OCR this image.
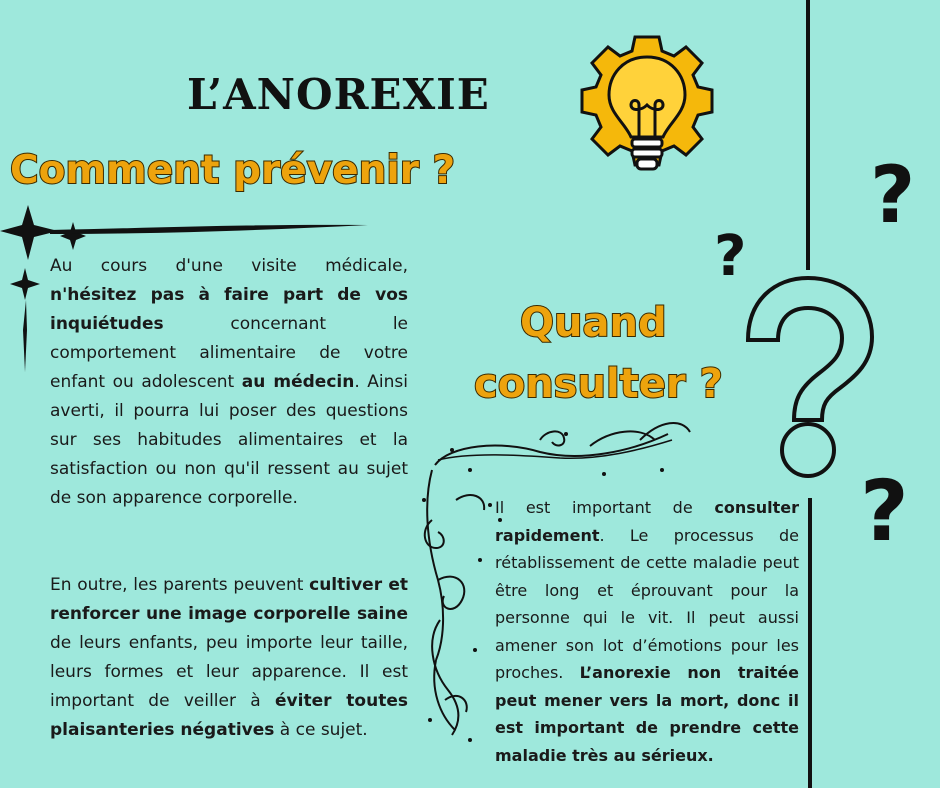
?
?
?
L’ANOREXIE
Comment prévenir ?
Au cours d'une visite médicale, n'hésitez pas à faire part de vos inquiétudes concernant le comportement alimentaire de votre enfant ou adolescent au médecin. Ainsi averti, il pourra lui poser des questions sur ses habitudes alimentaires et la satisfaction ou non qu'il ressent au sujet de son apparence corporelle.
En outre, les parents peuvent cultiver et renforcer une image corporelle saine de leurs enfants, peu importe leur taille, leurs formes et leur apparence. Il est important de veiller à éviter toutes plaisanteries négatives à ce sujet.
Quand
consulter ?
Il est important de consulter rapidement. Le processus de rétablissement de cette maladie peut être long et éprouvant pour la personne qui le vit. Il peut aussi amener son lot d’émotions pour les proches. L’anorexie non traitée peut mener vers la mort, donc il est important de prendre cette maladie très au sérieux.
